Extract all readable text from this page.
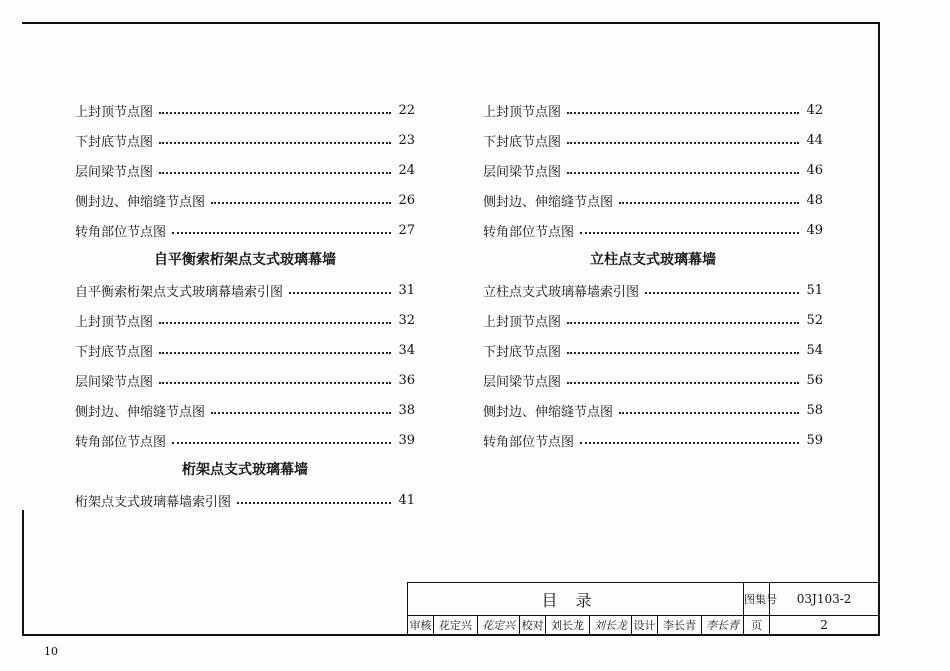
上封顶节点图	22
下封底节点图	23
层间梁节点图	24
侧封边、伸缩缝节点图	26
转角部位节点图	27
自平衡索桁架点支式玻璃幕墙
自平衡索桁架点支式玻璃幕墙索引图	31
上封顶节点图	32
下封底节点图	34
层间梁节点图	36
侧封边、伸缩缝节点图	38
转角部位节点图	39
桁架点支式玻璃幕墙
桁架点支式玻璃幕墙索引图	41
上封顶节点图	42
下封底节点图	44
层间梁节点图	46
侧封边、伸缩缝节点图	48
转角部位节点图	49
立柱点支式玻璃幕墙
立柱点支式玻璃幕墙索引图	51
上封顶节点图	52
下封底节点图	54
层间梁节点图	56
侧封边、伸缩缝节点图	58
转角部位节点图	59
目录									图集号	03J103-2
审核	花定兴	花定兴	校对	刘长龙	刘长龙	设计	李长青	李长青	页	2
10
